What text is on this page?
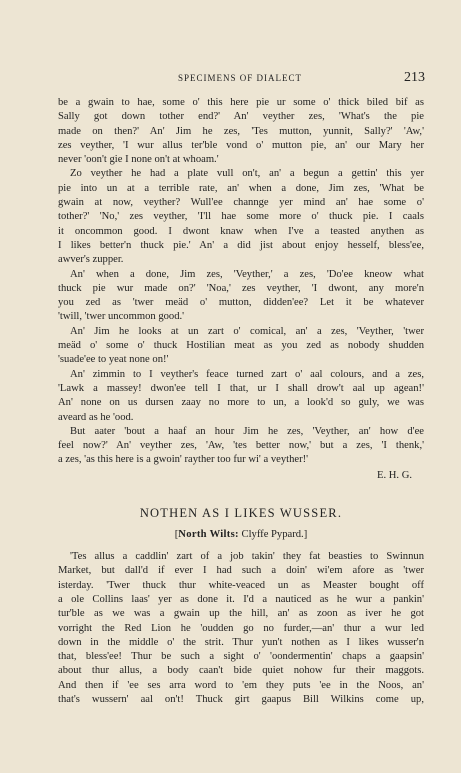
SPECIMENS OF DIALECT	213
be a gwain to hae, some o' this here pie ur some o' thick biled bif as
Sally got down tother end?' An' veyther zes, 'What's the pie
made on then?' An' Jim he zes, 'Tes mutton, yunnit, Sally?' 'Aw,'
zes veyther, 'I wur allus ter'ble vond o' mutton pie, an' our Mary her
never 'oon't gie I none on't at whoam.'
Zo veyther he had a plate vull on't, an' a begun a gettin' this yer
pie into un at a terrible rate, an' when a done, Jim zes, 'What be
gwain at now, veyther? Wull'ee channge yer mind an' hae some o'
tother?' 'No,' zes veyther, 'I'll hae some more o' thuck pie. I caals
it oncommon good. I dwont knaw when I've a teasted anythen as
I likes better'n thuck pie.' An' a did jist about enjoy hesself, bless'ee,
awver's zupper.
An' when a done, Jim zes, 'Veyther,' a zes, 'Do'ee kneow what
thuck pie wur made on?' 'Noa,' zes veyther, 'I dwont, any more'n
you zed as 'twer meäd o' mutton, didden'ee? Let it be whatever
'twill, 'twer uncommon good.'
An' Jim he looks at un zart o' comical, an' a zes, 'Veyther, 'twer
meäd o' some o' thuck Hostilian meat as you zed as nobody shudden
'suade'ee to yeat none on!'
An' zimmin to I veyther's feace turned zart o' aal colours, and a zes,
'Lawk a massey! dwon'ee tell I that, ur I shall drow't aal up agean!'
An' none on us dursen zaay no more to un, a look'd so guly, we was
aveard as he 'ood.
But aater 'bout a haaf an hour Jim he zes, 'Veyther, an' how d'ee
feel now?' An' veyther zes, 'Aw, 'tes better now,' but a zes, 'I thenk,'
a zes, 'as this here is a gwoin' rayther too fur wi' a veyther!'
E. H. G.
NOTHEN AS I LIKES WUSSER.
[North Wilts: Clyffe Pypard.]
'Tes allus a caddlin' zart of a job takin' they fat beasties to Swinnun
Market, but dall'd if ever I had such a doin' wi'em afore as 'twer
isterday. 'Twer thuck thur white-veaced un as Measter bought off
a ole Collins laas' yer as done it. I'd a nauticed as he wur a pankin'
tur'ble as we was a gwain up the hill, an' as zoon as iver he got
vorright the Red Lion he 'oudden go no furder,—an' thur a wur led
down in the middle o' the strit. Thur yun't nothen as I likes wusser'n
that, bless'ee! Thur be such a sight o' 'oondermentin' chaps a gaapsin'
about thur allus, a body caan't bide quiet nohow fur their maggots.
And then if 'ee ses arra word to 'em they puts 'ee in the Noos, an'
that's wussern' aal on't! Thuck girt gaapus Bill Wilkins come up,
